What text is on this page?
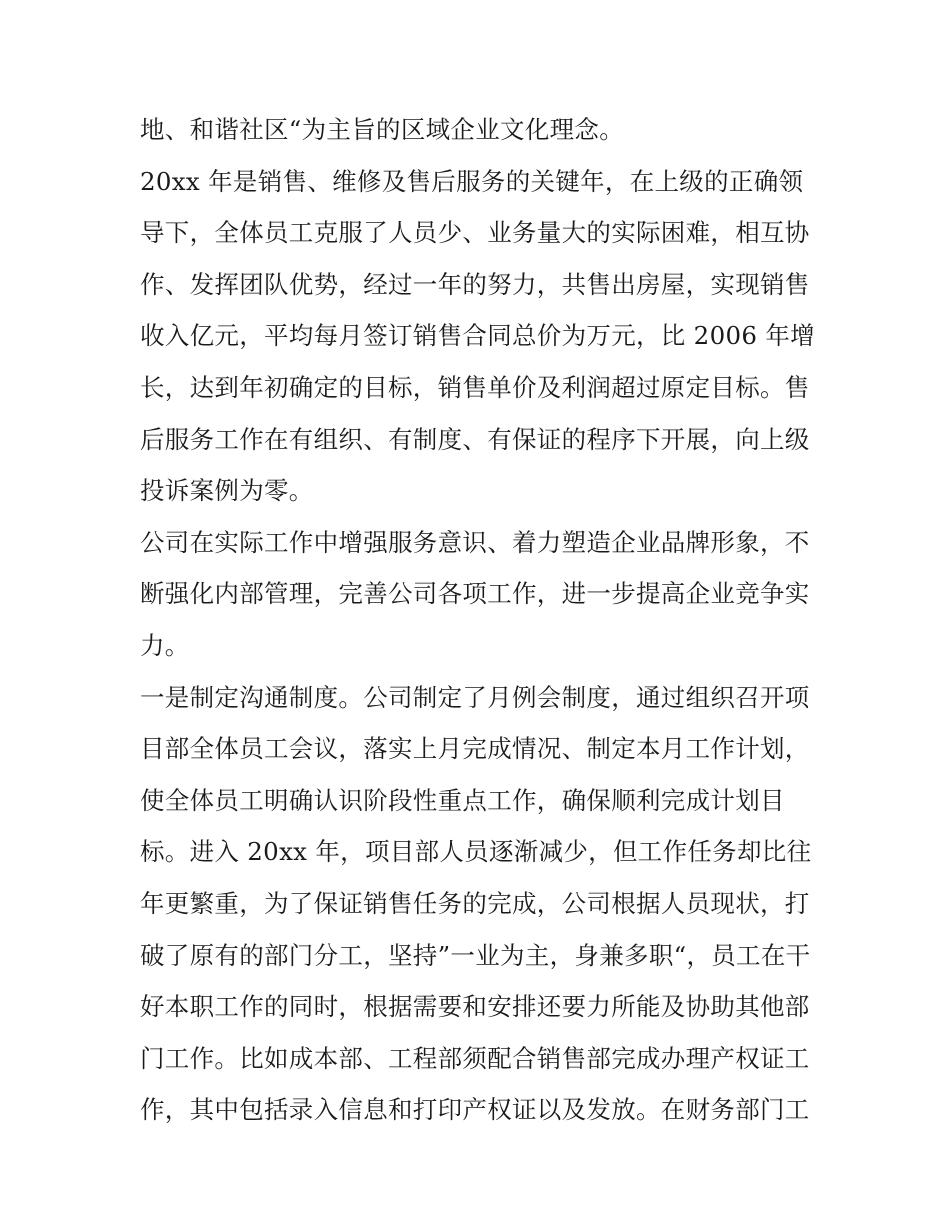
地、和谐社区“为主旨的区域企业文化理念。
20xx 年是销售、维修及售后服务的关键年，在上级的正确领
导下，全体员工克服了人员少、业务量大的实际困难，相互协
作、发挥团队优势，经过一年的努力，共售出房屋，实现销售
收入亿元，平均每月签订销售合同总价为万元，比 2006 年增
长，达到年初确定的目标，销售单价及利润超过原定目标。售
后服务工作在有组织、有制度、有保证的程序下开展，向上级
投诉案例为零。
公司在实际工作中增强服务意识、着力塑造企业品牌形象，不
断强化内部管理，完善公司各项工作，进一步提高企业竞争实
力。
一是制定沟通制度。公司制定了月例会制度，通过组织召开项
目部全体员工会议，落实上月完成情况、制定本月工作计划，
使全体员工明确认识阶段性重点工作，确保顺利完成计划目
标。进入 20xx 年，项目部人员逐渐减少，但工作任务却比往
年更繁重，为了保证销售任务的完成，公司根据人员现状，打
破了原有的部门分工，坚持”一业为主，身兼多职“，员工在干
好本职工作的同时，根据需要和安排还要力所能及协助其他部
门工作。比如成本部、工程部须配合销售部完成办理产权证工
作，其中包括录入信息和打印产权证以及发放。在财务部门工
